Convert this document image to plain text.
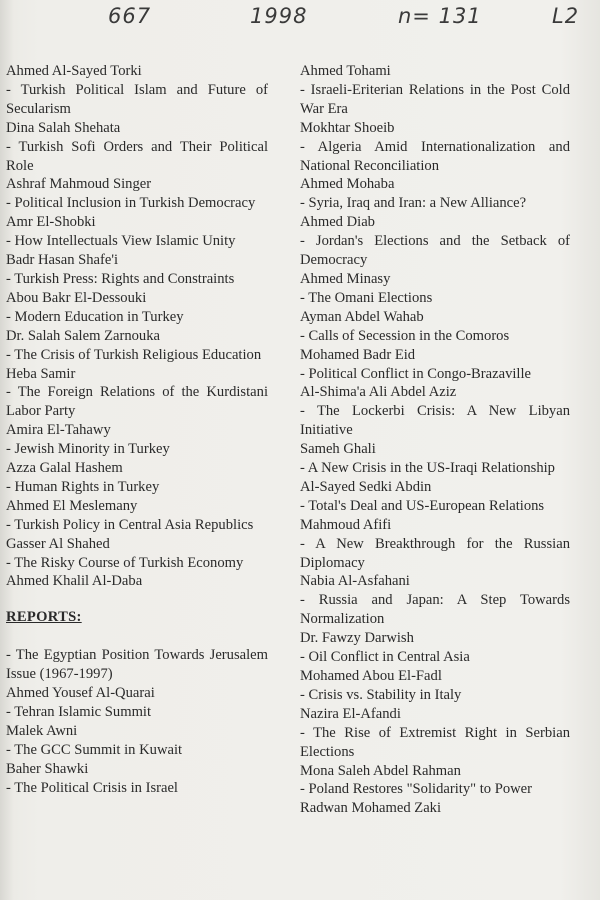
667	1998	n= 131	L2
Ahmed Al-Sayed Torki
- Turkish Political Islam and Future of Secularism
Dina Salah Shehata
- Turkish Sofi Orders and Their Political Role
Ashraf Mahmoud Singer
- Political Inclusion in Turkish Democracy
Amr El-Shobki
- How Intellectuals View Islamic Unity
Badr Hasan Shafe'i
- Turkish Press: Rights and Constraints
Abou Bakr El-Dessouki
- Modern Education in Turkey
Dr. Salah Salem Zarnouka
- The Crisis of Turkish Religious Education
Heba Samir
- The Foreign Relations of the Kurdistani Labor Party
Amira El-Tahawy
- Jewish Minority in Turkey
Azza Galal Hashem
- Human Rights in Turkey
Ahmed El Meslemany
- Turkish Policy in Central Asia Republics
Gasser Al Shahed
- The Risky Course of Turkish Economy
Ahmed Khalil Al-Daba
REPORTS:
- The Egyptian Position Towards Jerusalem Issue (1967-1997)
Ahmed Yousef Al-Quarai
- Tehran Islamic Summit
Malek Awni
- The GCC Summit in Kuwait
Baher Shawki
- The Political Crisis in Israel
Ahmed Tohami
- Israeli-Eriterian Relations in the Post Cold War Era
Mokhtar Shoeib
- Algeria Amid Internationalization and National Reconciliation
Ahmed Mohaba
- Syria, Iraq and Iran: a New Alliance?
Ahmed Diab
- Jordan's Elections and the Setback of Democracy
Ahmed Minasy
- The Omani Elections
Ayman Abdel Wahab
- Calls of Secession in the Comoros
Mohamed Badr Eid
- Political Conflict in Congo-Brazaville
Al-Shima'a Ali Abdel Aziz
- The Lockerbi Crisis: A New Libyan Initiative
Sameh Ghali
- A New Crisis in the US-Iraqi Relationship
Al-Sayed Sedki Abdin
- Total's Deal and US-European Relations
Mahmoud Afifi
- A New Breakthrough for the Russian Diplomacy
Nabia Al-Asfahani
- Russia and Japan: A Step Towards Normalization
Dr. Fawzy Darwish
- Oil Conflict in Central Asia
Mohamed Abou El-Fadl
- Crisis vs. Stability in Italy
Nazira El-Afandi
- The Rise of Extremist Right in Serbian Elections
Mona Saleh Abdel Rahman
- Poland Restores "Solidarity" to Power
Radwan Mohamed Zaki
